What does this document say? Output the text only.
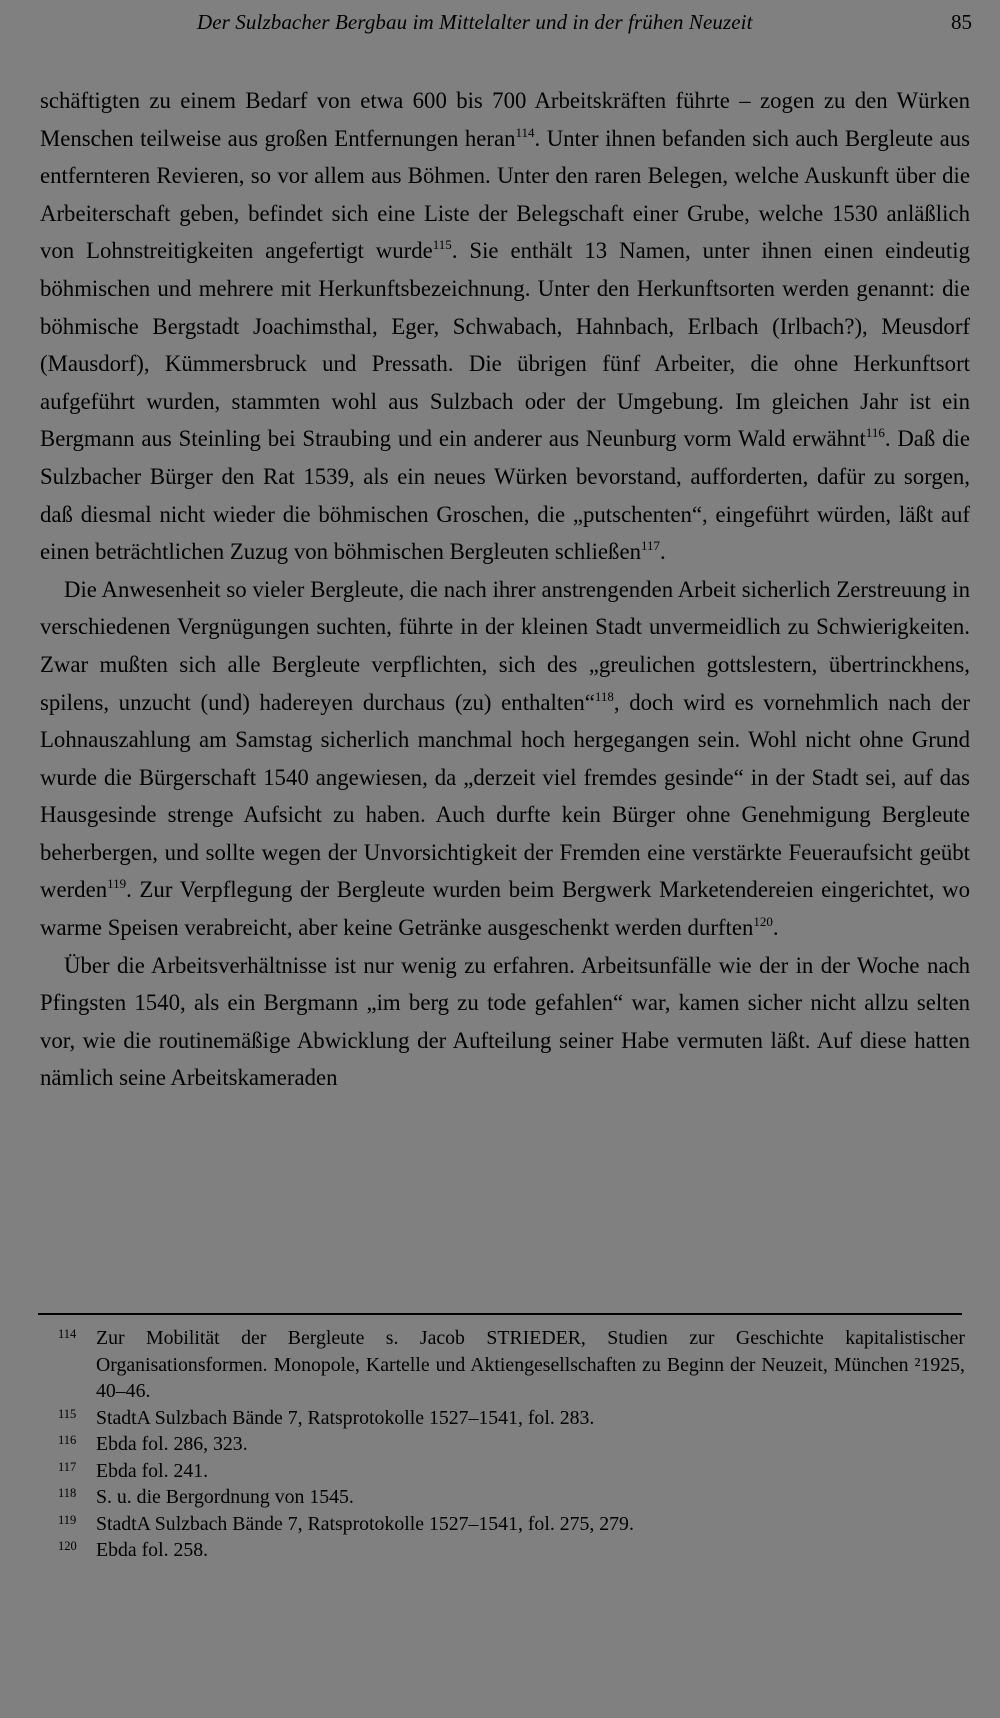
Der Sulzbacher Bergbau im Mittelalter und in der frühen Neuzeit	85

schäftigten zu einem Bedarf von etwa 600 bis 700 Arbeitskräften führte – zogen zu den Würken Menschen teilweise aus großen Entfernungen heran$^{114}$. Unter ihnen befanden sich auch Bergleute aus entfernteren Revieren, so vor allem aus Böhmen. Unter den raren Belegen, welche Auskunft über die Arbeiterschaft geben, befindet sich eine Liste der Belegschaft einer Grube, welche 1530 anläßlich von Lohnstreitigkeiten angefertigt wurde$^{115}$. Sie enthält 13 Namen, unter ihnen einen eindeutig böhmischen und mehrere mit Herkunftsbezeichnung. Unter den Herkunftsorten werden genannt: die böhmische Bergstadt Joachimsthal, Eger, Schwabach, Hahnbach, Erlbach (Irlbach?), Meusdorf (Mausdorf), Kümmersbruck und Pressath. Die übrigen fünf Arbeiter, die ohne Herkunftsort aufgeführt wurden, stammten wohl aus Sulzbach oder der Umgebung. Im gleichen Jahr ist ein Bergmann aus Steinling bei Straubing und ein anderer aus Neunburg vorm Wald erwähnt$^{116}$. Daß die Sulzbacher Bürger den Rat 1539, als ein neues Würken bevorstand, aufforderten, dafür zu sorgen, daß diesmal nicht wieder die böhmischen Groschen, die „putschenten“, eingeführt würden, läßt auf einen beträchtlichen Zuzug von böhmischen Bergleuten schließen$^{117}$.

Die Anwesenheit so vieler Bergleute, die nach ihrer anstrengenden Arbeit sicherlich Zerstreuung in verschiedenen Vergnügungen suchten, führte in der kleinen Stadt unvermeidlich zu Schwierigkeiten. Zwar mußten sich alle Bergleute verpflichten, sich des „greulichen gottslestern, übertrinckhens, spilens, unzucht (und) hadereyen durchaus (zu) enthalten“$^{118}$, doch wird es vornehmlich nach der Lohnauszahlung am Samstag sicherlich manchmal hoch hergegangen sein. Wohl nicht ohne Grund wurde die Bürgerschaft 1540 angewiesen, da „derzeit viel fremdes gesinde“ in der Stadt sei, auf das Hausgesinde strenge Aufsicht zu haben. Auch durfte kein Bürger ohne Genehmigung Bergleute beherbergen, und sollte wegen der Unvorsichtigkeit der Fremden eine verstärkte Feueraufsicht geübt werden$^{119}$. Zur Verpflegung der Bergleute wurden beim Bergwerk Marketendereien eingerichtet, wo warme Speisen verabreicht, aber keine Getränke ausgeschenkt werden durften$^{120}$.

Über die Arbeitsverhältnisse ist nur wenig zu erfahren. Arbeitsunfälle wie der in der Woche nach Pfingsten 1540, als ein Bergmann „im berg zu tode gefahlen“ war, kamen sicher nicht allzu selten vor, wie die routinemäßige Abwicklung der Aufteilung seiner Habe vermuten läßt. Auf diese hatten nämlich seine Arbeitskameraden

114 Zur Mobilität der Bergleute s. Jacob STRIEDER, Studien zur Geschichte kapitalistischer Organisationsformen. Monopole, Kartelle und Aktiengesellschaften zu Beginn der Neuzeit, München ²1925, 40–46.
115 StadtA Sulzbach Bände 7, Ratsprotokolle 1527–1541, fol. 283.
116 Ebda fol. 286, 323.
117 Ebda fol. 241.
118 S. u. die Bergordnung von 1545.
119 StadtA Sulzbach Bände 7, Ratsprotokolle 1527–1541, fol. 275, 279.
120 Ebda fol. 258.
